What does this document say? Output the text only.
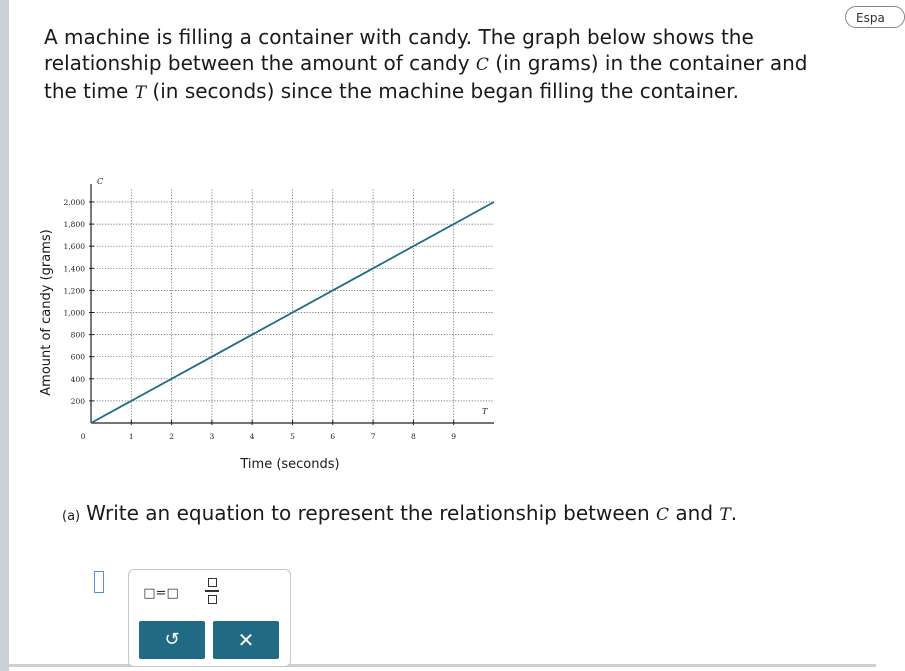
Espa

A machine is filling a container with candy. The graph below shows the relationship between the amount of candy C (in grams) in the container and the time T (in seconds) since the machine began filling the container.

Amount of candy (grams)
200
400
600
800
1,000
1,200
1,400
1,600
1,800
2,000
1	2	3	4	5	6	7	8	9
0
C
T
Time (seconds)
(a) Write an equation to represent the relationship between C and T.
□=□
↺	✕
